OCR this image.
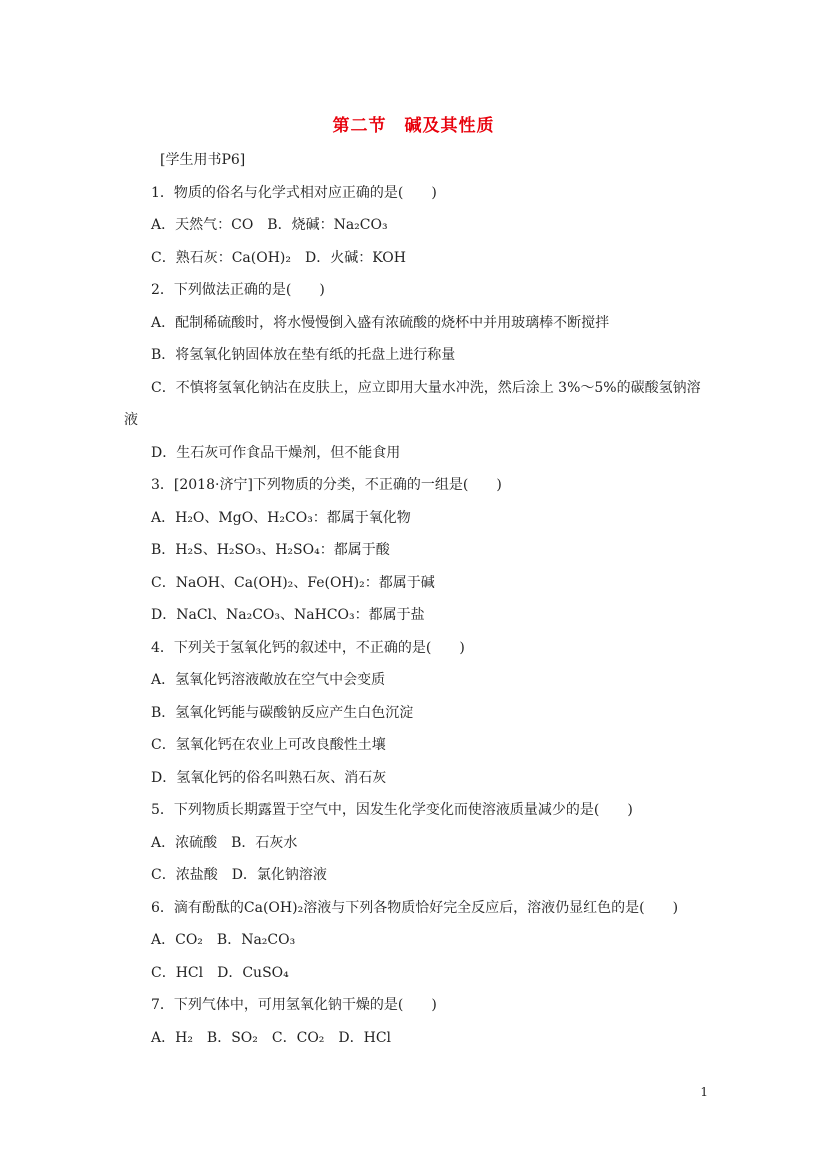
第二节　碱及其性质
[学生用书P6]
1．物质的俗名与化学式相对应正确的是(　　)
A．天然气：CO　B．烧碱：Na₂CO₃
C．熟石灰：Ca(OH)₂　D．火碱：KOH
2．下列做法正确的是(　　)
A．配制稀硫酸时，将水慢慢倒入盛有浓硫酸的烧杯中并用玻璃棒不断搅拌
B．将氢氧化钠固体放在垫有纸的托盘上进行称量
C．不慎将氢氧化钠沾在皮肤上，应立即用大量水冲洗，然后涂上 3%～5%的碳酸氢钠溶
液
D．生石灰可作食品干燥剂，但不能食用
3．[2018·济宁]下列物质的分类，不正确的一组是(　　)
A．H₂O、MgO、H₂CO₃：都属于氧化物
B．H₂S、H₂SO₃、H₂SO₄：都属于酸
C．NaOH、Ca(OH)₂、Fe(OH)₂：都属于碱
D．NaCl、Na₂CO₃、NaHCO₃：都属于盐
4．下列关于氢氧化钙的叙述中，不正确的是(　　)
A．氢氧化钙溶液敞放在空气中会变质
B．氢氧化钙能与碳酸钠反应产生白色沉淀
C．氢氧化钙在农业上可改良酸性土壤
D．氢氧化钙的俗名叫熟石灰、消石灰
5．下列物质长期露置于空气中，因发生化学变化而使溶液质量减少的是(　　)
A．浓硫酸　B．石灰水
C．浓盐酸　D．氯化钠溶液
6．滴有酚酞的Ca(OH)₂溶液与下列各物质恰好完全反应后，溶液仍显红色的是(　　)
A．CO₂　B．Na₂CO₃
C．HCl　D．CuSO₄
7．下列气体中，可用氢氧化钠干燥的是(　　)
A．H₂　B．SO₂　C．CO₂　D．HCl
1
